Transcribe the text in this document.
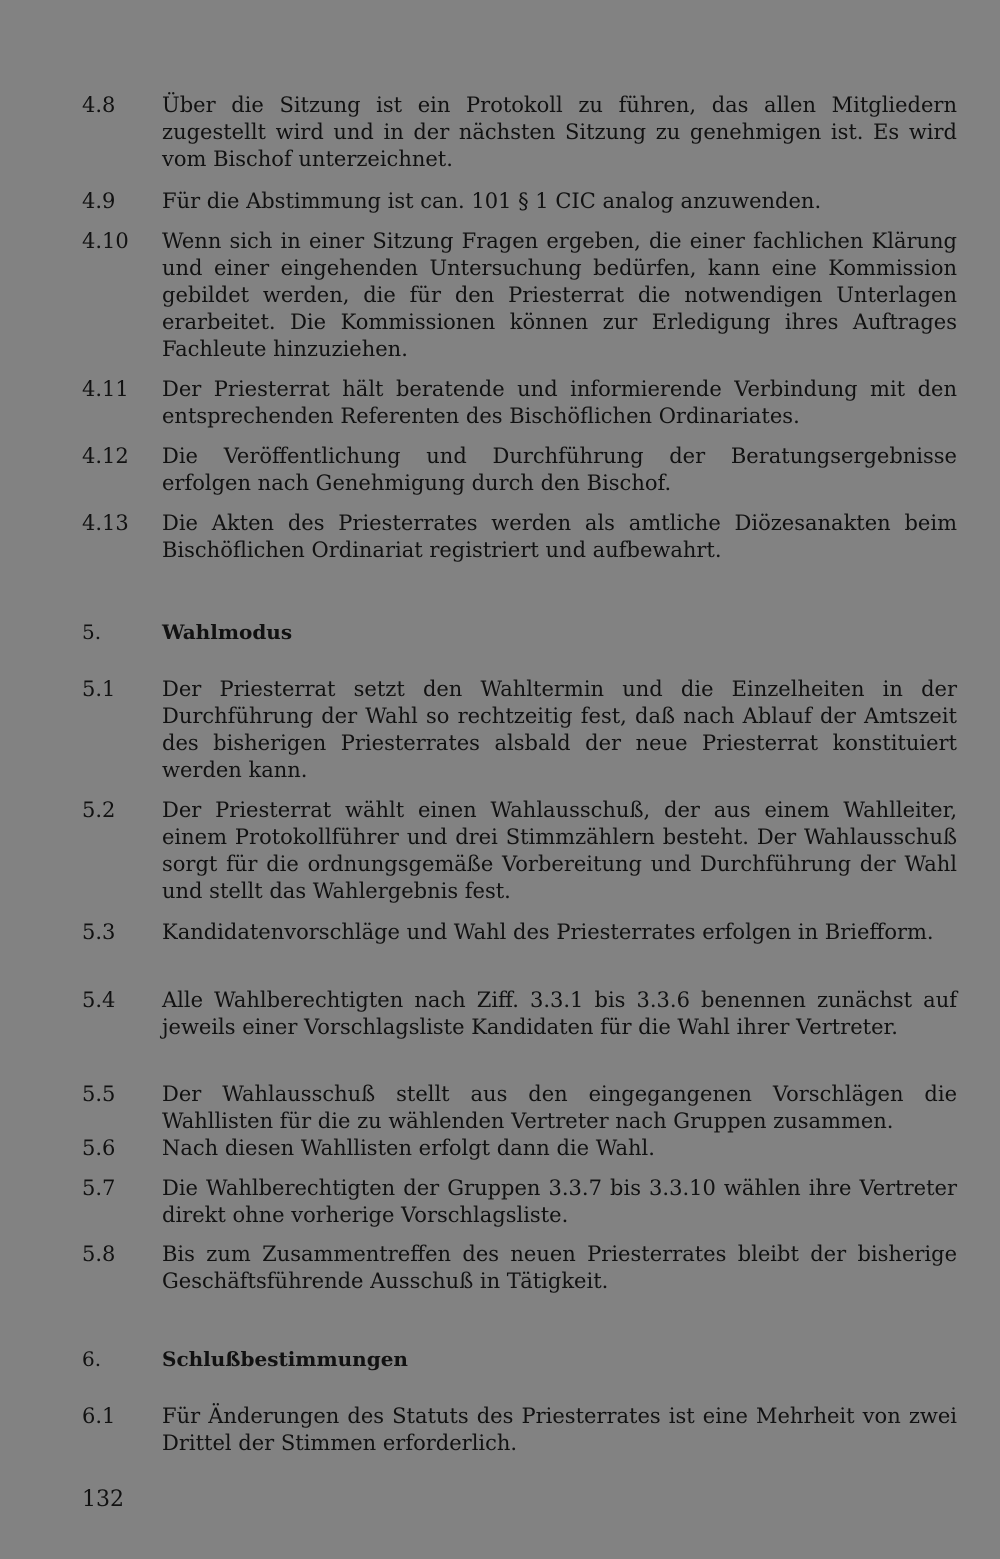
4.8	Über die Sitzung ist ein Protokoll zu führen, das allen Mitgliedern zugestellt wird und in der nächsten Sitzung zu genehmigen ist. Es wird vom Bischof unterzeichnet.
4.9	Für die Abstimmung ist can. 101 § 1 CIC analog anzuwenden.
4.10	Wenn sich in einer Sitzung Fragen ergeben, die einer fachlichen Klärung und einer eingehenden Untersuchung bedürfen, kann eine Kommission gebildet werden, die für den Priesterrat die notwendigen Unterlagen erarbeitet. Die Kommissionen können zur Erledigung ihres Auftrages Fachleute hinzuziehen.
4.11	Der Priesterrat hält beratende und informierende Verbindung mit den entsprechenden Referenten des Bischöflichen Ordinariates.
4.12	Die Veröffentlichung und Durchführung der Beratungsergebnisse erfolgen nach Genehmigung durch den Bischof.
4.13	Die Akten des Priesterrates werden als amtliche Diözesanakten beim Bischöflichen Ordinariat registriert und aufbewahrt.
5.	Wahlmodus
5.1	Der Priesterrat setzt den Wahltermin und die Einzelheiten in der Durchführung der Wahl so rechtzeitig fest, daß nach Ablauf der Amtszeit des bisherigen Priesterrates alsbald der neue Priesterrat konstituiert werden kann.
5.2	Der Priesterrat wählt einen Wahlausschuß, der aus einem Wahlleiter, einem Protokollführer und drei Stimmzählern besteht. Der Wahlausschuß sorgt für die ordnungsgemäße Vorbereitung und Durchführung der Wahl und stellt das Wahlergebnis fest.
5.3	Kandidatenvorschläge und Wahl des Priesterrates erfolgen in Briefform.
5.4	Alle Wahlberechtigten nach Ziff. 3.3.1 bis 3.3.6 benennen zunächst auf jeweils einer Vorschlagsliste Kandidaten für die Wahl ihrer Vertreter.
5.5	Der Wahlausschuß stellt aus den eingegangenen Vorschlägen die Wahllisten für die zu wählenden Vertreter nach Gruppen zusammen.
5.6	Nach diesen Wahllisten erfolgt dann die Wahl.
5.7	Die Wahlberechtigten der Gruppen 3.3.7 bis 3.3.10 wählen ihre Vertreter direkt ohne vorherige Vorschlagsliste.
5.8	Bis zum Zusammentreffen des neuen Priesterrates bleibt der bisherige Geschäftsführende Ausschuß in Tätigkeit.
6.	Schlußbestimmungen
6.1	Für Änderungen des Statuts des Priesterrates ist eine Mehrheit von zwei Drittel der Stimmen erforderlich.
132
